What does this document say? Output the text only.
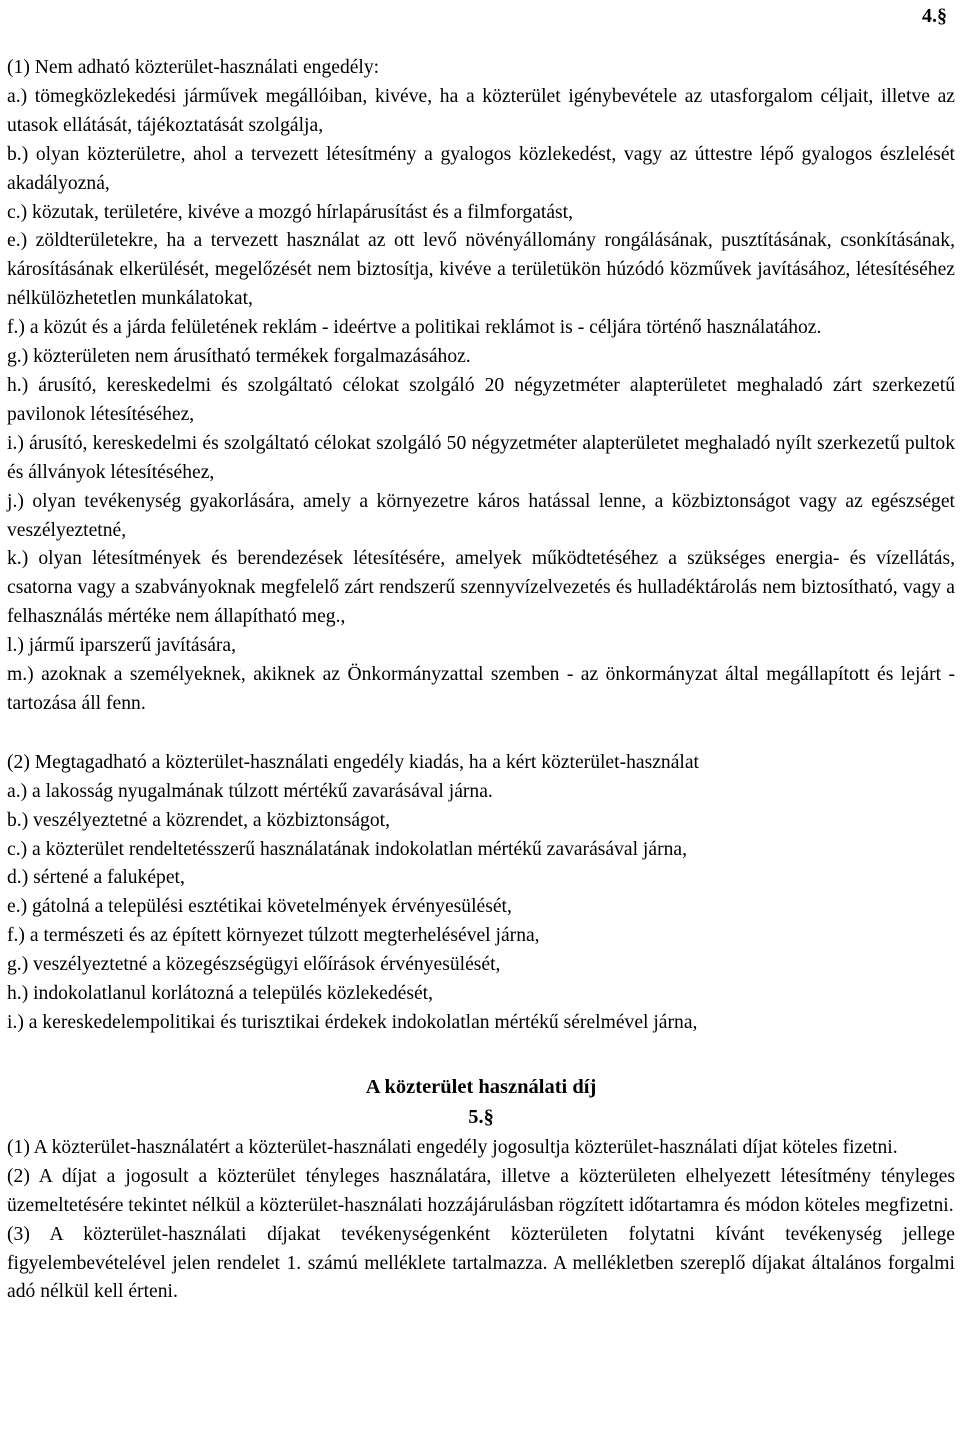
4.§

(1) Nem adható közterület-használati engedély:

a.) tömegközlekedési járművek megállóiban, kivéve, ha a közterület igénybevétele az utasforgalom céljait, illetve az utasok ellátását, tájékoztatását szolgálja,

b.) olyan közterületre, ahol a tervezett létesítmény a gyalogos közlekedést, vagy az úttestre lépő gyalogos észlelését akadályozná,

c.) közutak, területére, kivéve a mozgó hírlapárusítást és a filmforgatást,

e.) zöldterületekre, ha a tervezett használat az ott levő növényállomány rongálásának, pusztításának, csonkításának, károsításának elkerülését, megelőzését nem biztosítja, kivéve a területükön húzódó közművek javításához, létesítéséhez nélkülözhetetlen munkálatokat,

f.) a közút és a járda felületének reklám - ideértve a politikai reklámot is - céljára történő használatához.

g.) közterületen nem árusítható termékek forgalmazásához.

h.) árusító, kereskedelmi és szolgáltató célokat szolgáló 20 négyzetméter alapterületet meghaladó zárt szerkezetű pavilonok létesítéséhez,

i.) árusító, kereskedelmi és szolgáltató célokat szolgáló 50 négyzetméter alapterületet meghaladó nyílt szerkezetű pultok és állványok létesítéséhez,

j.) olyan tevékenység gyakorlására, amely a környezetre káros hatással lenne, a közbiztonságot vagy az egészséget veszélyeztetné,

k.) olyan létesítmények és berendezések létesítésére, amelyek működtetéséhez a szükséges energia- és vízellátás, csatorna vagy a szabványoknak megfelelő zárt rendszerű szennyvízelvezetés és hulladéktárolás nem biztosítható, vagy a felhasználás mértéke nem állapítható meg.,

l.) jármű iparszerű javítására,

m.) azoknak a személyeknek, akiknek az Önkormányzattal szemben - az önkormányzat által megállapított és lejárt - tartozása áll fenn.

(2) Megtagadható a közterület-használati engedély kiadás, ha a kért közterület-használat

a.) a lakosság nyugalmának túlzott mértékű zavarásával járna.

b.) veszélyeztetné a közrendet, a közbiztonságot,

c.) a közterület rendeltetésszerű használatának indokolatlan mértékű zavarásával járna,

d.) sértené a faluképet,

e.) gátolná a települési esztétikai követelmények érvényesülését,

f.) a természeti és az épített környezet túlzott megterhelésével járna,

g.) veszélyeztetné a közegészségügyi előírások érvényesülését,

h.) indokolatlanul korlátozná a település közlekedését,

i.) a kereskedelempolitikai és turisztikai érdekek indokolatlan mértékű sérelmével járna,

A közterület használati díj

5.§

(1) A közterület-használatért a közterület-használati engedély jogosultja közterület-használati díjat köteles fizetni.

(2) A díjat a jogosult a közterület tényleges használatára, illetve a közterületen elhelyezett létesítmény tényleges üzemeltetésére tekintet nélkül a közterület-használati hozzájárulásban rögzített időtartamra és módon köteles megfizetni.

(3) A közterület-használati díjakat tevékenységenként közterületen folytatni kívánt tevékenység jellege figyelembevételével jelen rendelet 1. számú melléklete tartalmazza. A mellékletben szereplő díjakat általános forgalmi adó nélkül kell érteni.
